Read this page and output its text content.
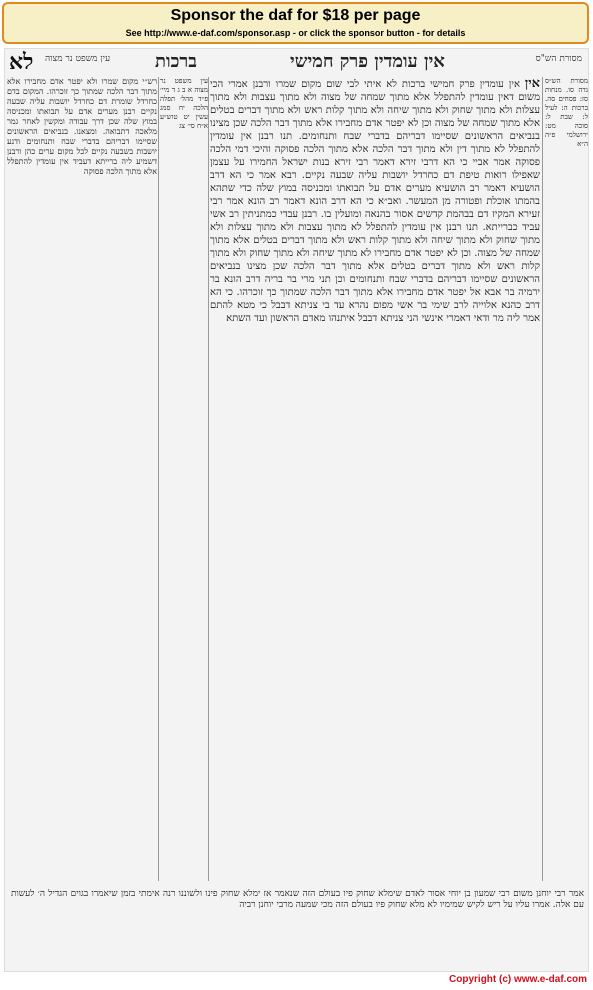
Sponsor the daf for $18 per page
See http://www.e-daf.com/sponsor.asp - or click the sponsor button - for details
לא עין משפט נר מצוה ברכות	אין עומדין פרק חמישי	מסורת הש"ס
רש״י מקום שמרו ולא יפטר אדם מחבירו אלא מתוך דבר הלכה שמתוך כך זוכרהו. המקום בדם כחרדל שומרת דם כחרדל יושבות עליה שבעה נקיים רבנן מערים אדם על תבואתו ומכניסה במוץ שלה שכן דרך עבודה ומקשין לאחר גמר מלאכה דתבואה. ומצאנו. בנביאים הראשונים שסיימו דבריהם בדברי שבח ותנחומים ודנע יושבות בשבעה נקיים לכל מקום ערים כהן ורבנן דשמיע ליה ברייתא דעביד אין עומדין להתפלל אלא מתוך הלכה פסוקה
עין משפט נר מצוה א ב ג ד מיי׳ פ״ד מהל׳ תפלה הלכה יח סמג עשין יט טוש״ע א״ח סי׳ צג
אין אין עומדין פרק חמישי ברכות לא איתי לבי שום מקום שמרו ורבנן אמרי הכי משום דאין עומדין להתפלל אלא מתוך שמחה של מצוה ולא מתוך עצבות ולא מתוך עצלות ולא מתוך שחוק ולא מתוך שיחה ולא מתוך קלות ראש ולא מתוך דברים בטלים אלא מתוך שמחה של מצוה וכן לא יפטר אדם מחבירו אלא מתוך דבר הלכה שכן מצינו בנביאים הראשונים שסיימו דבריהם בדברי שבח ותנחומים. תנו רבנן אין עומדין להתפלל לא מתוך דין ולא מתוך דבר הלכה אלא מתוך הלכה פסוקה והיכי דמי הלכה פסוקה אמר אביי כי הא דרבי זירא דאמר רבי זירא בנות ישראל החמירו על עצמן שאפילו רואות טיפת דם כחרדל יושבות עליה שבעה נקיים. רבא אמר כי הא דרב הושעיא דאמר רב הושעיא מערים אדם על תבואתו ומכניסה במוץ שלה כדי שתהא בהמתו אוכלת ופטורה מן המעשר. ואב״א כי הא דרב הונא דאמר רב הונא אמר רבי זעירא המקיז דם בבהמת קדשים אסור בהנאה ומועלין בו. רבנן עבדי כמתניתין רב אשי עביד כברייתא. תנו רבנן אין עומדין להתפלל לא מתוך עצבות ולא מתוך עצלות ולא מתוך שחוק ולא מתוך שיחה ולא מתוך קלות ראש ולא מתוך דברים בטלים אלא מתוך שמחה של מצוה. וכן לא יפטר אדם מחבירו לא מתוך שיחה ולא מתוך שחוק ולא מתוך קלות ראש ולא מתוך דברים בטלים אלא מתוך דבר הלכה שכן מצינו בנביאים הראשונים שסיימו דבריהם בדברי שבח ותנחומים וכן תני מרי בר בריה דרב הונא בר ירמיה בר אבא אל יפטר אדם מחבירו אלא מתוך דבר הלכה שמתוך כך זוכרהו. כי הא דרב כהנא אלוייה לרב שימי בר אשי מפום נהרא עד בי צניתא דבבל כי מטא להתם אמר ליה מר ודאי דאמרי אינשי הני צניתא דבבל איתנהו מאדם הראשון ועד השתא
מסורת הש״ס נדה סו. מנחות סז: פסחים סה. ברכות ה: לעיל ל: שבת ל: סוכה מט: ירושלמי פ״ה ה״א
אמר רבי יוחנן משום רבי שמעון בן יוחי אסור לאדם שימלא שחוק פיו בעולם הזה שנאמר אז ימלא שחוק פינו ולשוננו רנה אימתי בזמן שיאמרו בגוים הגדיל ה׳ לעשות עם אלה. אמרו עליו על ריש לקיש שמימיו לא מלא שחוק פיו בעולם הזה מכי שמעה מרבי יוחנן רביה
Copyright (c) www.e-daf.com
